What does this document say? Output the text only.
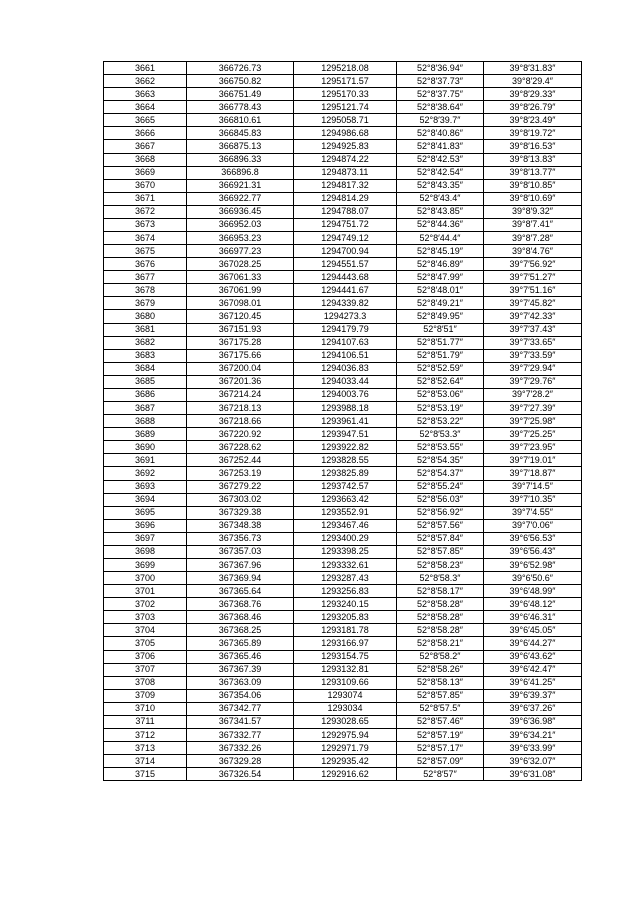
3661	366726.73	1295218.08	52°8′36.94″	39°8′31.83″
3662	366750.82	1295171.57	52°8′37.73″	39°8′29.4″
3663	366751.49	1295170.33	52°8′37.75″	39°8′29.33″
3664	366778.43	1295121.74	52°8′38.64″	39°8′26.79″
3665	366810.61	1295058.71	52°8′39.7″	39°8′23.49″
3666	366845.83	1294986.68	52°8′40.86″	39°8′19.72″
3667	366875.13	1294925.83	52°8′41.83″	39°8′16.53″
3668	366896.33	1294874.22	52°8′42.53″	39°8′13.83″
3669	366896.8	1294873.11	52°8′42.54″	39°8′13.77″
3670	366921.31	1294817.32	52°8′43.35″	39°8′10.85″
3671	366922.77	1294814.29	52°8′43.4″	39°8′10.69″
3672	366936.45	1294788.07	52°8′43.85″	39°8′9.32″
3673	366952.03	1294751.72	52°8′44.36″	39°8′7.41″
3674	366953.23	1294749.12	52°8′44.4″	39°8′7.28″
3675	366977.23	1294700.94	52°8′45.19″	39°8′4.76″
3676	367028.25	1294551.57	52°8′46.89″	39°7′56.92″
3677	367061.33	1294443.68	52°8′47.99″	39°7′51.27″
3678	367061.99	1294441.67	52°8′48.01″	39°7′51.16″
3679	367098.01	1294339.82	52°8′49.21″	39°7′45.82″
3680	367120.45	1294273.3	52°8′49.95″	39°7′42.33″
3681	367151.93	1294179.79	52°8′51″	39°7′37.43″
3682	367175.28	1294107.63	52°8′51.77″	39°7′33.65″
3683	367175.66	1294106.51	52°8′51.79″	39°7′33.59″
3684	367200.04	1294036.83	52°8′52.59″	39°7′29.94″
3685	367201.36	1294033.44	52°8′52.64″	39°7′29.76″
3686	367214.24	1294003.76	52°8′53.06″	39°7′28.2″
3687	367218.13	1293988.18	52°8′53.19″	39°7′27.39″
3688	367218.66	1293961.41	52°8′53.22″	39°7′25.98″
3689	367220.92	1293947.51	52°8′53.3″	39°7′25.25″
3690	367228.62	1293922.82	52°8′53.55″	39°7′23.95″
3691	367252.44	1293828.55	52°8′54.35″	39°7′19.01″
3692	367253.19	1293825.89	52°8′54.37″	39°7′18.87″
3693	367279.22	1293742.57	52°8′55.24″	39°7′14.5″
3694	367303.02	1293663.42	52°8′56.03″	39°7′10.35″
3695	367329.38	1293552.91	52°8′56.92″	39°7′4.55″
3696	367348.38	1293467.46	52°8′57.56″	39°7′0.06″
3697	367356.73	1293400.29	52°8′57.84″	39°6′56.53″
3698	367357.03	1293398.25	52°8′57.85″	39°6′56.43″
3699	367367.96	1293332.61	52°8′58.23″	39°6′52.98″
3700	367369.94	1293287.43	52°8′58.3″	39°6′50.6″
3701	367365.64	1293256.83	52°8′58.17″	39°6′48.99″
3702	367368.76	1293240.15	52°8′58.28″	39°6′48.12″
3703	367368.46	1293205.83	52°8′58.28″	39°6′46.31″
3704	367368.25	1293181.78	52°8′58.28″	39°6′45.05″
3705	367365.89	1293166.97	52°8′58.21″	39°6′44.27″
3706	367365.46	1293154.75	52°8′58.2″	39°6′43.62″
3707	367367.39	1293132.81	52°8′58.26″	39°6′42.47″
3708	367363.09	1293109.66	52°8′58.13″	39°6′41.25″
3709	367354.06	1293074	52°8′57.85″	39°6′39.37″
3710	367342.77	1293034	52°8′57.5″	39°6′37.26″
3711	367341.57	1293028.65	52°8′57.46″	39°6′36.98″
3712	367332.77	1292975.94	52°8′57.19″	39°6′34.21″
3713	367332.26	1292971.79	52°8′57.17″	39°6′33.99″
3714	367329.28	1292935.42	52°8′57.09″	39°6′32.07″
3715	367326.54	1292916.62	52°8′57″	39°6′31.08″
